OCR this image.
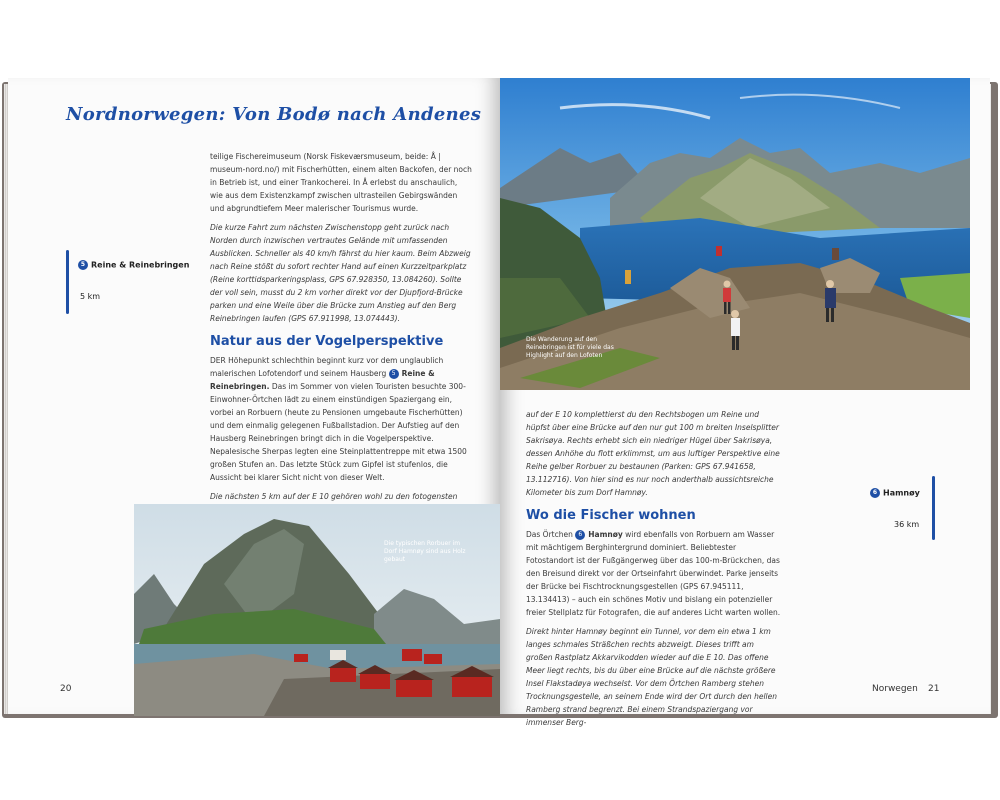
Nordnorwegen: Von Bodø nach Andenes

teilige Fischereimuseum (Norsk Fiskeværsmuseum, beide: Å | museum-nord.no/) mit Fischerhütten, einem alten Backofen, der noch in Betrieb ist, und einer Trankocherei. In Å erlebst du anschaulich, wie aus dem Existenzkampf zwischen ultrasteilen Gebirgswänden und abgrundtiefem Meer malerischer Tourismus wurde.

Die kurze Fahrt zum nächsten Zwischenstopp geht zurück nach Norden durch inzwischen vertrautes Gelände mit umfassenden Ausblicken. Schneller als 40 km/h fährst du hier kaum. Beim Abzweig nach Reine stößt du sofort rechter Hand auf einen Kurzzeitparkplatz (Reine korttidsparkeringsplass, GPS 67.928350, 13.084260). Sollte der voll sein, musst du 2 km vorher direkt vor der Djupfjord-Brücke parken und eine Weile über die Brücke zum Anstieg auf den Berg Reinebringen laufen (GPS 67.911998, 13.074443).

Natur aus der Vogelperspektive

DER Höhepunkt schlechthin beginnt kurz vor dem unglaublich malerischen Lofotendorf und seinem Hausberg 5 Reine & Reinebringen. Das im Sommer von vielen Touristen besuchte 300-Einwohner-Örtchen lädt zu einem einstündigen Spaziergang ein, vorbei an Rorbuern (heute zu Pensionen umgebaute Fischerhütten) und dem einmalig gelegenen Fußballstadion. Der Aufstieg auf den Hausberg Reinebringen bringt dich in die Vogelperspektive. Nepalesische Sherpas legten eine Steinplattentreppe mit etwa 1500 großen Stufen an. Das letzte Stück zum Gipfel ist stufenlos, die Aussicht bei klarer Sicht nicht von dieser Welt.

Die nächsten 5 km auf der E 10 gehören wohl zu den fotogensten

5 Reine & Reinebringen
5 km
Die typischen Rorbuer im Dorf Hamnøy sind aus Holz gebaut
20
Die Wanderung auf den Reinebringen ist für viele das Highlight auf den Lofoten

auf der E 10 komplettierst du den Rechtsbogen um Reine und hüpfst über eine Brücke auf den nur gut 100 m breiten Inselsplitter Sakrisøya. Rechts erhebt sich ein niedriger Hügel über Sakrisøya, dessen Anhöhe du flott erklimmst, um aus luftiger Perspektive eine Reihe gelber Rorbuer zu bestaunen (Parken: GPS 67.941658, 13.112716). Von hier sind es nur noch anderthalb aussichtsreiche Kilometer bis zum Dorf Hamnøy.

Wo die Fischer wohnen

Das Örtchen 6 Hamnøy wird ebenfalls von Rorbuern am Wasser mit mächtigem Berghintergrund dominiert. Beliebtester Fotostandort ist der Fußgängerweg über das 100-m-Brückchen, das den Breisund direkt vor der Ortseinfahrt überwindet. Parke jenseits der Brücke bei Fischtrocknungsgestellen (GPS 67.945111, 13.134413) – auch ein schönes Motiv und bislang ein potenzieller freier Stellplatz für Fotografen, die auf anderes Licht warten wollen.

Direkt hinter Hamnøy beginnt ein Tunnel, vor dem ein etwa 1 km langes schmales Sträßchen rechts abzweigt. Dieses trifft am großen Rastplatz Akkarvikodden wieder auf die E 10. Das offene Meer liegt rechts, bis du über eine Brücke auf die nächste größere Insel Flakstadøya wechselst. Vor dem Örtchen Ramberg stehen Trocknungsgestelle, an seinem Ende wird der Ort durch den hellen Ramberg strand begrenzt. Bei einem Strandspaziergang vor immenser Berg-

6 Hamnøy
36 km
Norwegen 21
